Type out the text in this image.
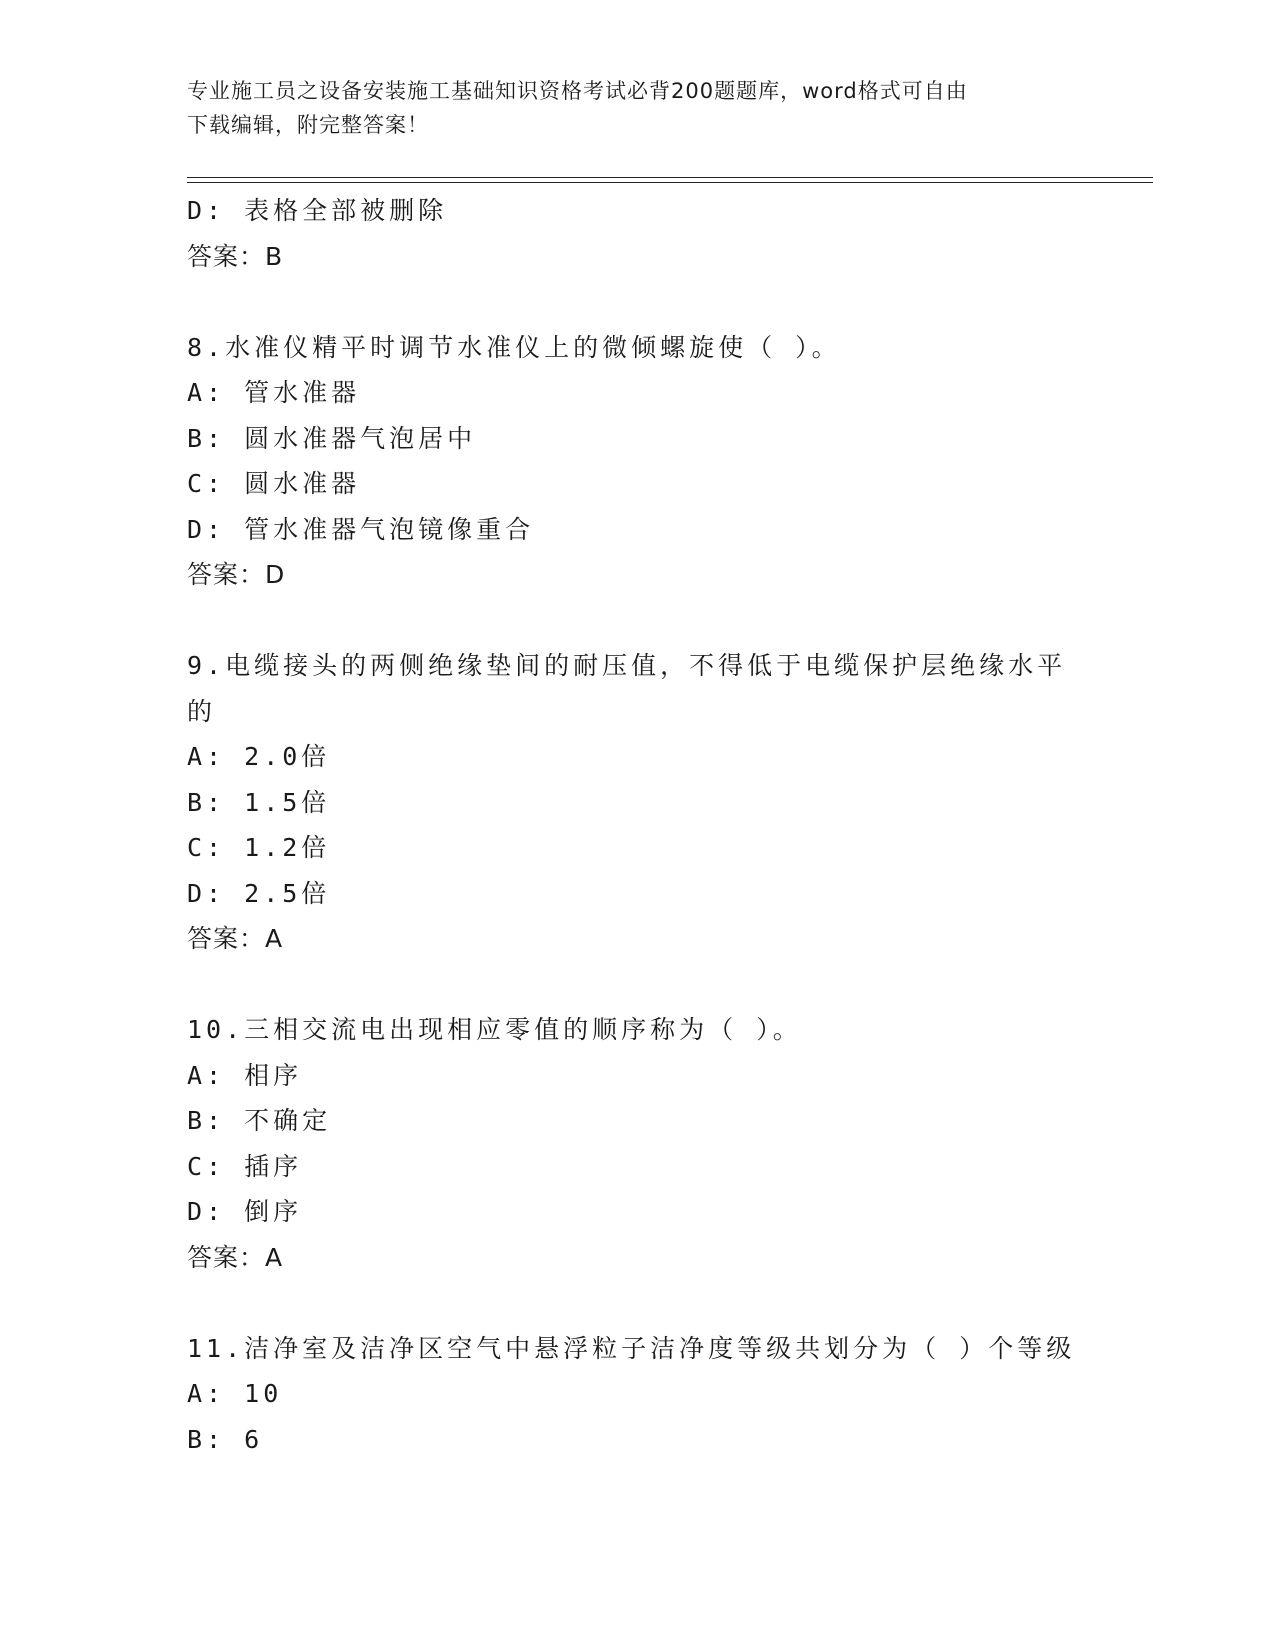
专业施工员之设备安装施工基础知识资格考试必背200题题库，word格式可自由
下载编辑，附完整答案！
D: 表格全部被删除
答案：B
8.水准仪精平时调节水准仪上的微倾螺旋使（ ）。
A: 管水准器
B: 圆水准器气泡居中
C: 圆水准器
D: 管水准器气泡镜像重合
答案：D
9.电缆接头的两侧绝缘垫间的耐压值，不得低于电缆保护层绝缘水平
的
A: 2.0倍
B: 1.5倍
C: 1.2倍
D: 2.5倍
答案：A
10.三相交流电出现相应零值的顺序称为（ ）。
A: 相序
B: 不确定
C: 插序
D: 倒序
答案：A
11.洁净室及洁净区空气中悬浮粒子洁净度等级共划分为（ ）个等级
A: 10
B: 6
